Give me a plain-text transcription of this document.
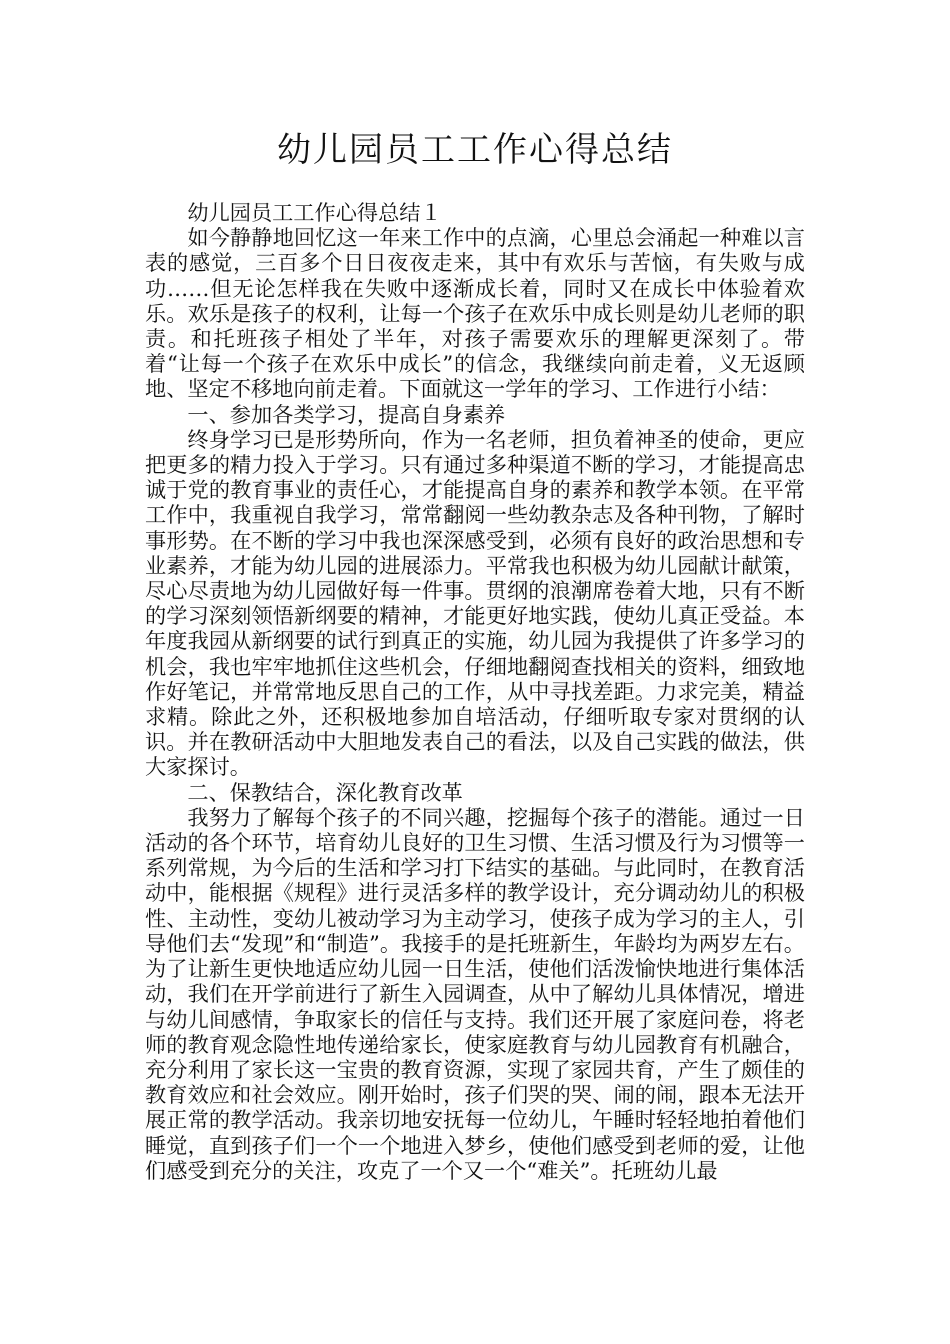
幼儿园员工工作心得总结

幼儿园员工工作心得总结１

如今静静地回忆这一年来工作中的点滴，心里总会涌起一种难以言表的感觉，三百多个日日夜夜走来，其中有欢乐与苦恼，有失败与成功……但无论怎样我在失败中逐渐成长着，同时又在成长中体验着欢乐。欢乐是孩子的权利，让每一个孩子在欢乐中成长则是幼儿老师的职责。和托班孩子相处了半年，对孩子需要欢乐的理解更深刻了。带着“让每一个孩子在欢乐中成长”的信念，我继续向前走着，义无返顾地、坚定不移地向前走着。下面就这一学年的学习、工作进行小结：

一、参加各类学习，提高自身素养

终身学习已是形势所向，作为一名老师，担负着神圣的使命，更应把更多的精力投入于学习。只有通过多种渠道不断的学习，才能提高忠诚于党的教育事业的责任心，才能提高自身的素养和教学本领。在平常工作中，我重视自我学习，常常翻阅一些幼教杂志及各种刊物，了解时事形势。在不断的学习中我也深深感受到，必须有良好的政治思想和专业素养，才能为幼儿园的进展添力。平常我也积极为幼儿园献计献策，尽心尽责地为幼儿园做好每一件事。贯纲的浪潮席卷着大地，只有不断的学习深刻领悟新纲要的精神，才能更好地实践，使幼儿真正受益。本年度我园从新纲要的试行到真正的实施，幼儿园为我提供了许多学习的机会，我也牢牢地抓住这些机会，仔细地翻阅查找相关的资料，细致地作好笔记，并常常地反思自己的工作，从中寻找差距。力求完美，精益求精。除此之外，还积极地参加自培活动，仔细听取专家对贯纲的认识。并在教研活动中大胆地发表自己的看法，以及自己实践的做法，供大家探讨。

二、保教结合，深化教育改革

我努力了解每个孩子的不同兴趣，挖掘每个孩子的潜能。通过一日活动的各个环节，培育幼儿良好的卫生习惯、生活习惯及行为习惯等一系列常规，为今后的生活和学习打下结实的基础。与此同时，在教育活动中，能根据《规程》进行灵活多样的教学设计，充分调动幼儿的积极性、主动性，变幼儿被动学习为主动学习，使孩子成为学习的主人，引导他们去“发现”和“制造”。我接手的是托班新生，年龄均为两岁左右。为了让新生更快地适应幼儿园一日生活，使他们活泼愉快地进行集体活动，我们在开学前进行了新生入园调查，从中了解幼儿具体情况，增进与幼儿间感情，争取家长的信任与支持。我们还开展了家庭问卷，将老师的教育观念隐性地传递给家长，使家庭教育与幼儿园教育有机融合，充分利用了家长这一宝贵的教育资源，实现了家园共育，产生了颇佳的教育效应和社会效应。刚开始时，孩子们哭的哭、闹的闹，跟本无法开展正常的教学活动。我亲切地安抚每一位幼儿，午睡时轻轻地拍着他们睡觉，直到孩子们一个一个地进入梦乡，使他们感受到老师的爱，让他们感受到充分的关注，攻克了一个又一个“难关”。托班幼儿最
